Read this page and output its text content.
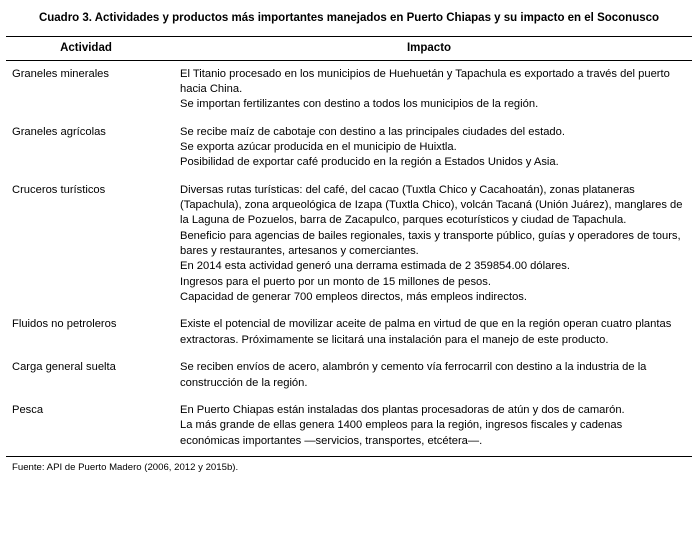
Cuadro 3. Actividades y productos más importantes manejados en Puerto Chiapas y su impacto en el Soconusco
Actividad	Impacto
Graneles minerales	El Titanio procesado en los municipios de Huehuetán y Tapachula es exportado a través del puerto hacia China.

Se importan fertilizantes con destino a todos los municipios de la región.

Graneles agrícolas	Se recibe maíz de cabotaje con destino a las principales ciudades del estado.

Se exporta azúcar producida en el municipio de Huixtla.

Posibilidad de exportar café producido en la región a Estados Unidos y Asia.

Cruceros turísticos	Diversas rutas turísticas: del café, del cacao (Tuxtla Chico y Cacahoatán), zonas plataneras (Tapachula), zona arqueológica de Izapa (Tuxtla Chico), volcán Tacaná (Unión Juárez), manglares de la Laguna de Pozuelos, barra de Zacapulco, parques ecoturísticos y ciudad de Tapachula.

Beneficio para agencias de bailes regionales, taxis y transporte público, guías y operadores de tours, bares y restaurantes, artesanos y comerciantes.

En 2014 esta actividad generó una derrama estimada de 2 359854.00 dólares.

Ingresos para el puerto por un monto de 15 millones de pesos.

Capacidad de generar 700 empleos directos, más empleos indirectos.

Fluidos no petroleros	Existe el potencial de movilizar aceite de palma en virtud de que en la región operan cuatro plantas extractoras. Próximamente se licitará una instalación para el manejo de este producto.

Carga general suelta	Se reciben envíos de acero, alambrón y cemento vía ferrocarril con destino a la industria de la construcción de la región.

Pesca	En Puerto Chiapas están instaladas dos plantas procesadoras de atún y dos de camarón.

La más grande de ellas genera 1400 empleos para la región, ingresos fiscales y cadenas económicas importantes —servicios, transportes, etcétera—.

Fuente: API de Puerto Madero (2006, 2012 y 2015b).
